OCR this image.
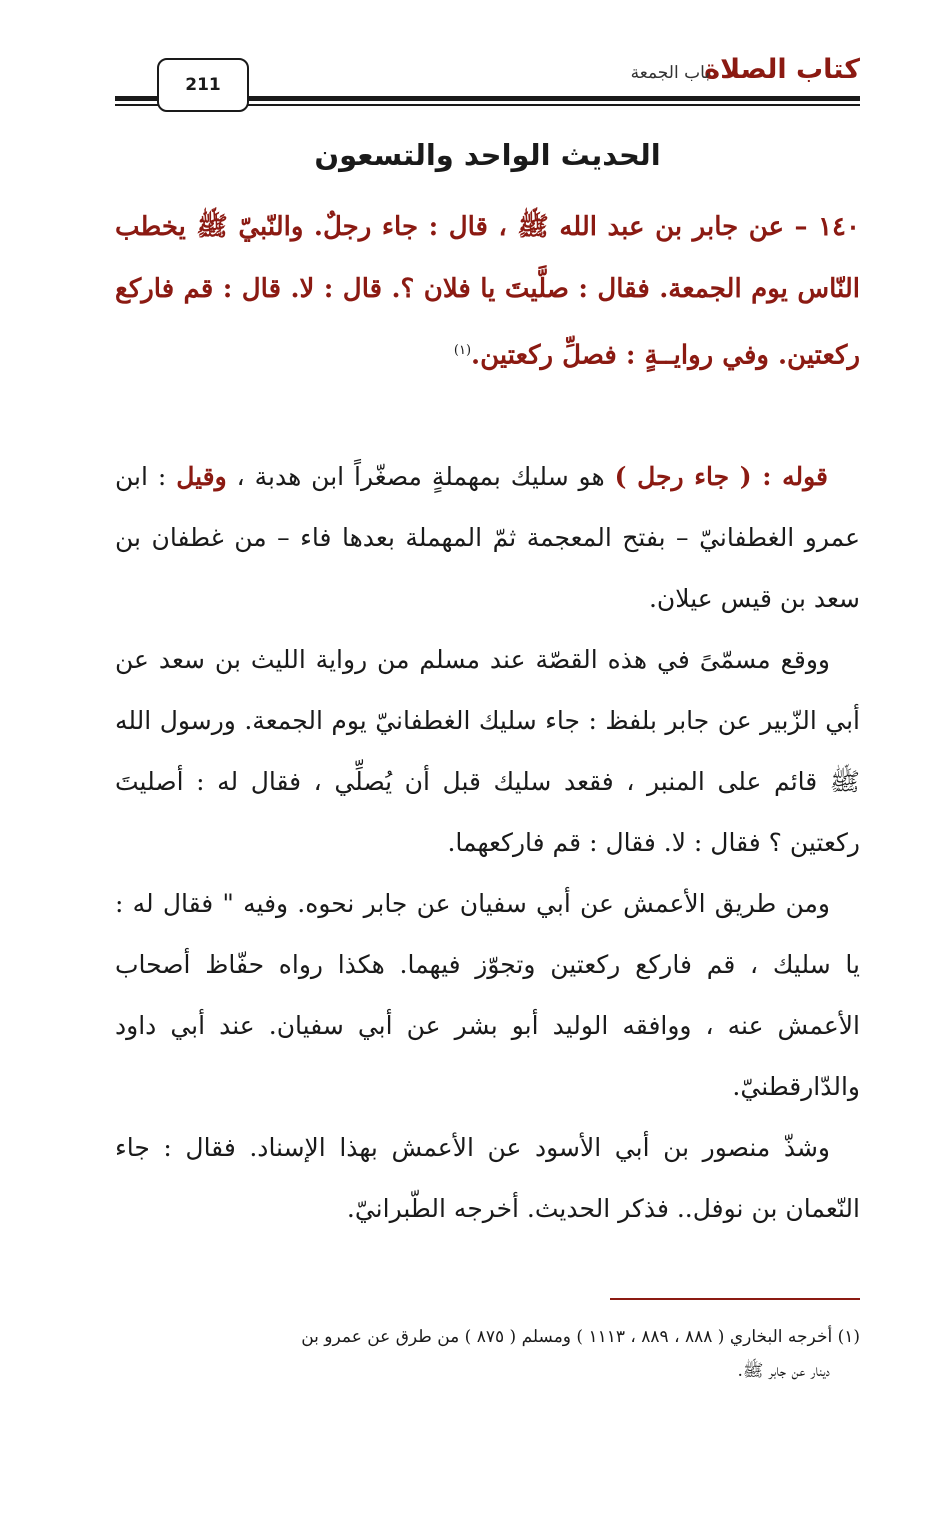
كتاب الصلاة
باب الجمعة
211
الحديث الواحد والتسعون
١٤٠ – عن جابر بن عبد الله ﷺ ، قال : جاء رجلٌ. والنّبيّ ﷺ يخطب النّاس يوم الجمعة. فقال : صلَّيتَ يا فلان ؟. قال : لا. قال : قم فاركع ركعتين. وفي روايــةٍ : فصلِّ ركعتين.$^{(١)}$

قوله : ( جاء رجل ) هو سليك بمهملةٍ مصغّراً ابن هدبة ، وقيل : ابن عمرو الغطفانيّ – بفتح المعجمة ثمّ المهملة بعدها فاء – من غطفان بن سعد بن قيس عيلان.

ووقع مسمّىً في هذه القصّة عند مسلم من رواية الليث بن سعد عن أبي الزّبير عن جابر بلفظ : جاء سليك الغطفانيّ يوم الجمعة. ورسول الله ﷺ قائم على المنبر ، فقعد سليك قبل أن يُصلِّي ، فقال له : أصليتَ ركعتين ؟ فقال : لا. فقال : قم فاركعهما.

ومن طريق الأعمش عن أبي سفيان عن جابر نحوه. وفيه " فقال له : يا سليك ، قم فاركع ركعتين وتجوّز فيهما. هكذا رواه حفّاظ أصحاب الأعمش عنه ، ووافقه الوليد أبو بشر عن أبي سفيان. عند أبي داود والدّارقطنيّ.

وشذّ منصور بن أبي الأسود عن الأعمش بهذا الإسناد. فقال : جاء النّعمان بن نوفل.. فذكر الحديث. أخرجه الطّبرانيّ.

(١) أخرجه البخاري ( ٨٨٨ ، ٨٨٩ ، ١١١٣ ) ومسلم ( ٨٧٥ ) من طرق عن عمرو بن
دينار عن جابر ﷺ.
